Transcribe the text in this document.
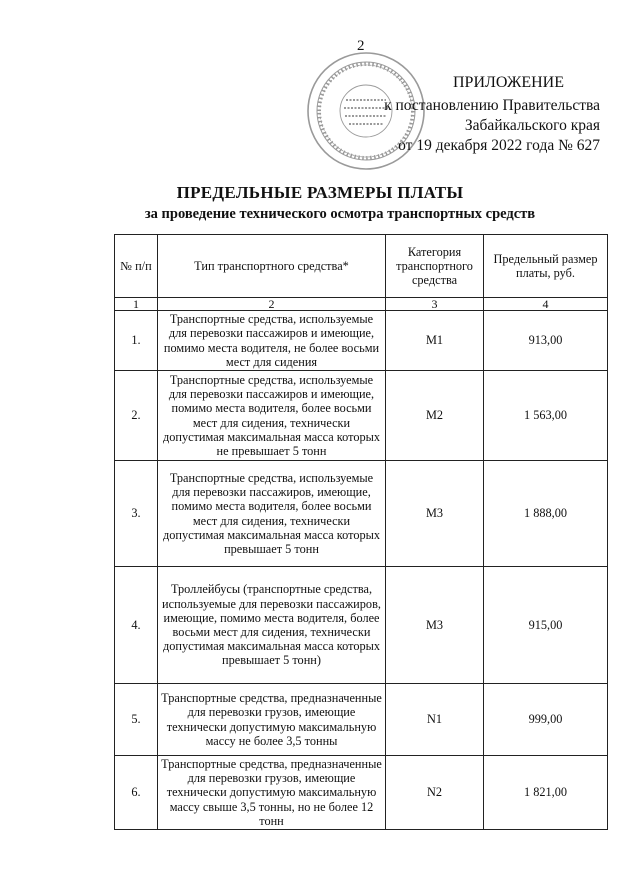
2
ПРИЛОЖЕНИЕ
к постановлению Правительства
Забайкальского края
от 19 декабря 2022 года № 627
ПРЕДЕЛЬНЫЕ РАЗМЕРЫ ПЛАТЫ
за проведение технического осмотра транспортных средств
№ п/п	Тип транспортного средства*	Категория транспортного средства	Предельный размер платы, руб.
1	2	3	4
1.	Транспортные средства, используемые для перевозки пассажиров и имеющие, помимо места водителя, не более восьми мест для сидения	M1	913,00
2.	Транспортные средства, используемые для перевозки пассажиров и имеющие, помимо места водителя, более восьми мест для сидения, технически допустимая максимальная масса которых не превышает 5 тонн	M2	1 563,00
3.	Транспортные средства, используемые для перевозки пассажиров, имеющие, помимо места водителя, более восьми мест для сидения, технически допустимая максимальная масса которых превышает 5 тонн	M3	1 888,00
4.	Троллейбусы (транспортные средства, используемые для перевозки пассажиров, имеющие, помимо места водителя, более восьми мест для сидения, технически допустимая максимальная масса которых превышает 5 тонн)	M3	915,00
5.	Транспортные средства, предназначенные для перевозки грузов, имеющие технически допустимую максимальную массу не более 3,5 тонны	N1	999,00
6.	Транспортные средства, предназначенные для перевозки грузов, имеющие технически допустимую максимальную массу свыше 3,5 тонны, но не более 12 тонн	N2	1 821,00
